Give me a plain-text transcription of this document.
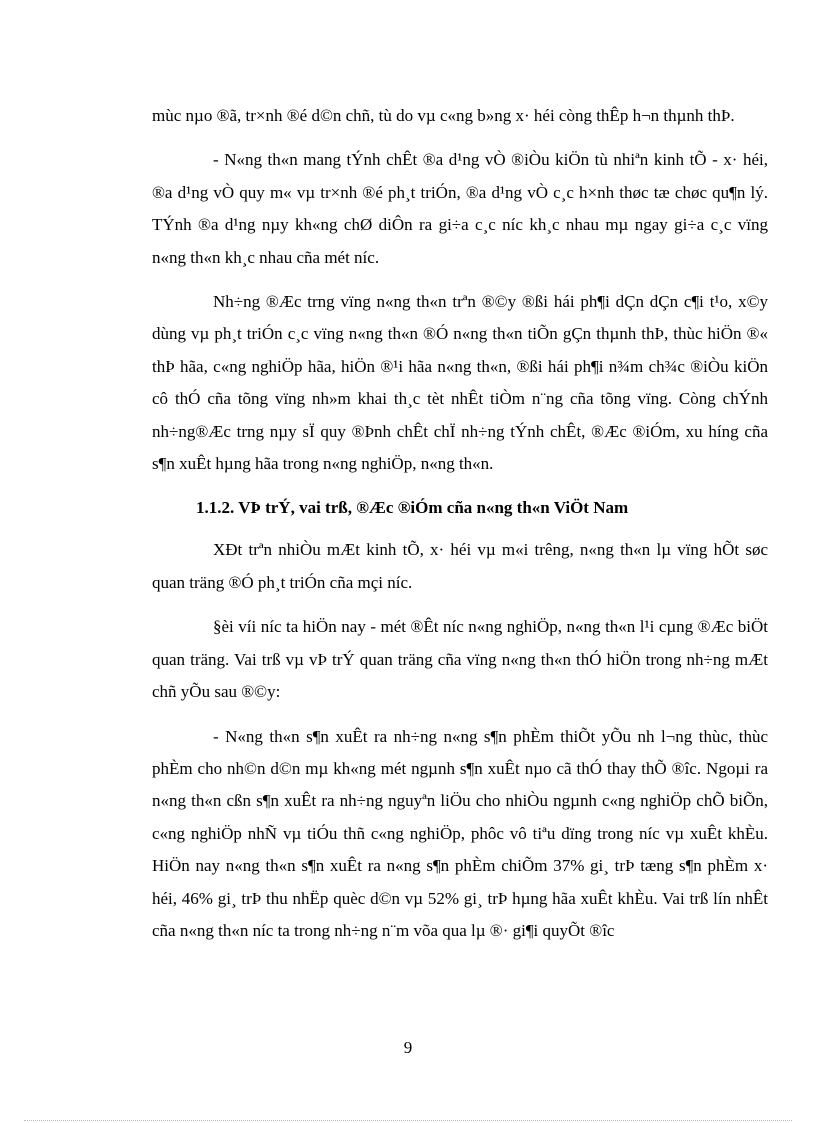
mùc nµo ®ã, tr×nh ®é d©n chñ, tù do vµ c«ng b»ng x· héi còng thÊp h¬n thµnh thÞ.

- N«ng th«n mang tÝnh chÊt ®a d¹ng vÒ ®iÒu kiÖn tù nhiªn kinh tÕ - x· héi, ®a d¹ng vÒ quy m« vµ tr×nh ®é ph¸t triÓn, ®a d¹ng vÒ c¸c h×nh thøc tæ chøc qu¶n lý. TÝnh ®a d¹ng nµy kh«ng chØ diÔn ra gi÷a c¸c níc kh¸c nhau mµ ngay gi÷a c¸c vïng n«ng th«n kh¸c nhau cña mét níc.

Nh÷ng ®Æc trng vïng n«ng th«n trªn ®©y ®ßi hái ph¶i dÇn dÇn c¶i t¹o, x©y dùng vµ ph¸t triÓn c¸c vïng n«ng th«n ®Ó n«ng th«n tiÕn gÇn thµnh thÞ, thùc hiÖn ®« thÞ hãa, c«ng nghiÖp hãa, hiÖn ®¹i hãa n«ng th«n, ®ßi hái ph¶i n¾m ch¾c ®iÒu kiÖn cô thÓ cña tõng vïng nh»m khai th¸c tèt nhÊt tiÒm n¨ng cña tõng vïng. Còng chÝnh nh÷ng®Æc trng nµy sÏ quy ®Þnh chÊt chÏ nh÷ng tÝnh chÊt, ®Æc ®iÓm, xu híng cña s¶n xuÊt hµng hãa trong n«ng nghiÖp, n«ng th«n.

1.1.2. VÞ trÝ, vai trß, ®Æc ®iÓm cña n«ng th«n ViÖt Nam

XÐt trªn nhiÒu mÆt kinh tÕ, x· héi vµ m«i trêng, n«ng th«n lµ vïng hÕt søc quan träng ®Ó ph¸t triÓn cña mçi níc.

§èi víi níc ta hiÖn nay - mét ®Êt níc n«ng nghiÖp, n«ng th«n l¹i cµng ®Æc biÖt quan träng. Vai trß vµ vÞ trÝ quan träng cña vïng n«ng th«n thÓ hiÖn trong nh÷ng mÆt chñ yÕu sau ®©y:

- N«ng th«n s¶n xuÊt ra nh÷ng n«ng s¶n phÈm thiÕt yÕu nh l¬ng thùc, thùc phÈm cho nh©n d©n mµ kh«ng mét ngµnh s¶n xuÊt nµo cã thÓ thay thÕ ®îc. Ngoµi ra n«ng th«n cßn s¶n xuÊt ra nh÷ng nguyªn liÖu cho nhiÒu ngµnh c«ng nghiÖp chÕ biÕn, c«ng nghiÖp nhÑ vµ tiÓu thñ c«ng nghiÖp, phôc vô tiªu dïng trong níc vµ xuÊt khÈu. HiÖn nay n«ng th«n s¶n xuÊt ra n«ng s¶n phÈm chiÕm 37% gi¸ trÞ tæng s¶n phÈm x· héi, 46% gi¸ trÞ thu nhËp quèc d©n vµ 52% gi¸ trÞ hµng hãa xuÊt khÈu. Vai trß lín nhÊt cña n«ng th«n níc ta trong nh÷ng n¨m võa qua lµ ®· gi¶i quyÕt ®îc

9
